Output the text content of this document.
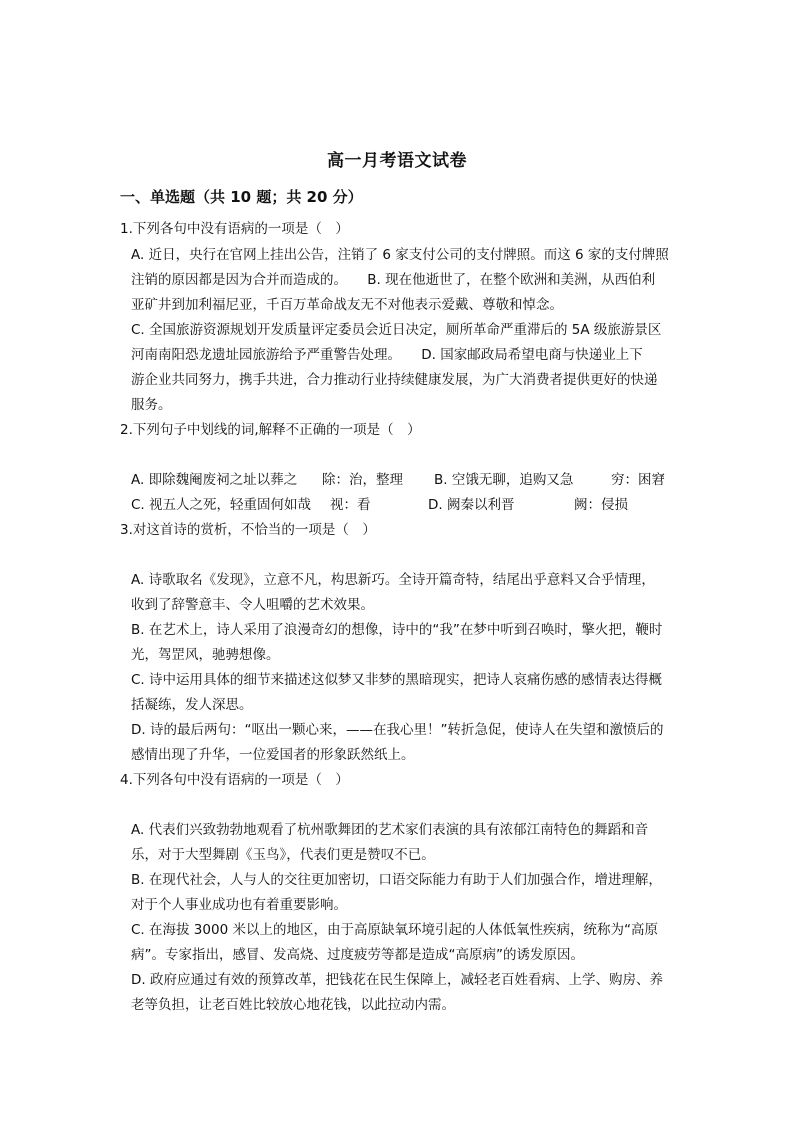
高一月考语文试卷
一、单选题（共 10 题；共 20 分）
1.下列各句中没有语病的一项是（　）
A. 近日，央行在官网上挂出公告，注销了 6 家支付公司的支付牌照。而这 6 家的支付牌照
注销的原因都是因为合并而造成的。　　B. 现在他逝世了，在整个欧洲和美洲，从西伯利
亚矿井到加利福尼亚，千百万革命战友无不对他表示爱戴、尊敬和悼念。
C. 全国旅游资源规划开发质量评定委员会近日决定，厕所革命严重滞后的 5A 级旅游景区
河南南阳恐龙遗址园旅游给予严重警告处理。　　D. 国家邮政局希望电商与快递业上下
游企业共同努力，携手共进，合力推动行业持续健康发展，为广大消费者提供更好的快递
服务。
2.下列句子中划线的词,解释不正确的一项是（　）
A. 即除魏阉废祠之址以葬之 除：治，整理 B. 空饿无聊，追购又急	穷：困窘
C. 视五人之死，轻重固何如哉 视：看	D. 阙秦以利晋	阙：侵损
3.对这首诗的赏析，不恰当的一项是（　）
A. 诗歌取名《发现》，立意不凡，构思新巧。全诗开篇奇特，结尾出乎意料又合乎情理，
收到了辞警意丰、令人咀嚼的艺术效果。
B. 在艺术上，诗人采用了浪漫奇幻的想像，诗中的“我”在梦中听到召唤时，擎火把，鞭时
光，驾罡风，驰骋想像。
C. 诗中运用具体的细节来描述这似梦又非梦的黑暗现实，把诗人哀痛伤感的感情表达得概
括凝练，发人深思。
D. 诗的最后两句：“呕出一颗心来，——在我心里！”转折急促，使诗人在失望和激愤后的
感情出现了升华，一位爱国者的形象跃然纸上。
4.下列各句中没有语病的一项是（　）
A. 代表们兴致勃勃地观看了杭州歌舞团的艺术家们表演的具有浓郁江南特色的舞蹈和音
乐，对于大型舞剧《玉鸟》，代表们更是赞叹不已。
B. 在现代社会，人与人的交往更加密切，口语交际能力有助于人们加强合作，增进理解，
对于个人事业成功也有着重要影响。
C. 在海拔 3000 米以上的地区，由于高原缺氧环境引起的人体低氧性疾病，统称为“高原
病”。专家指出，感冒、发高烧、过度疲劳等都是造成“高原病”的诱发原因。
D. 政府应通过有效的预算改革，把钱花在民生保障上，减轻老百姓看病、上学、购房、养
老等负担，让老百姓比较放心地花钱，以此拉动内需。
